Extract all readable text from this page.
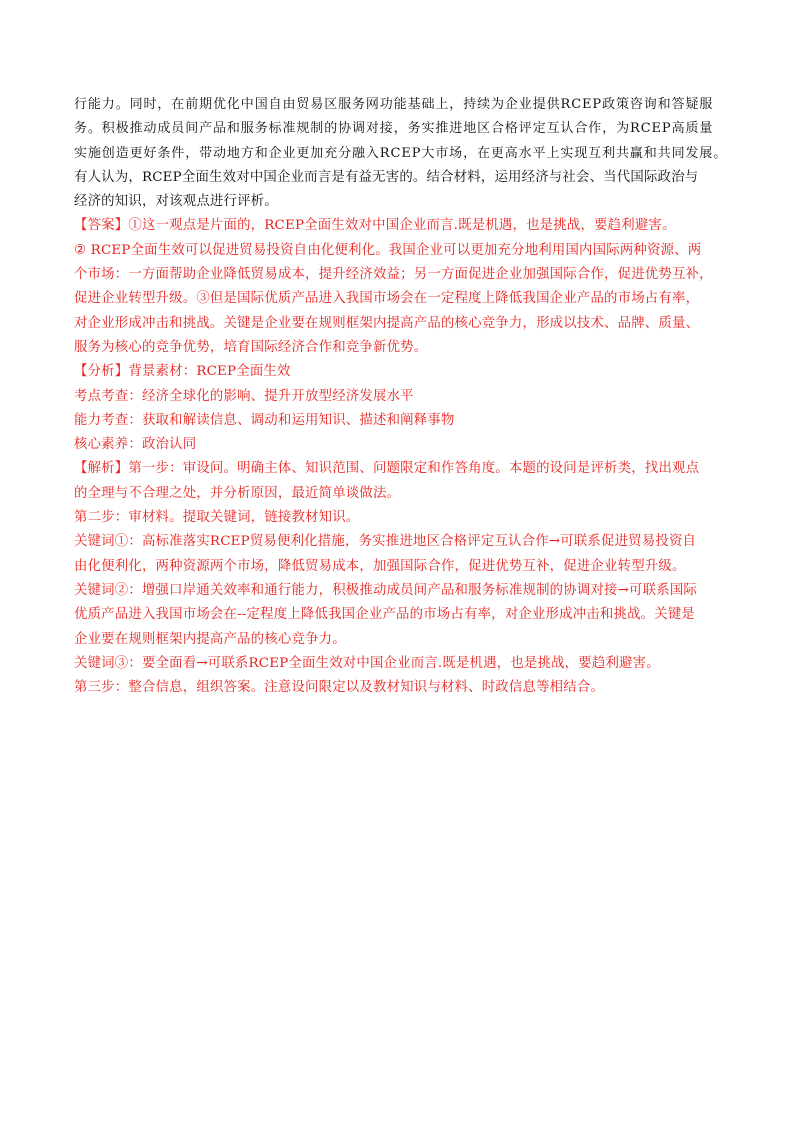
行能力。同时，在前期优化中国自由贸易区服务网功能基础上，持续为企业提供RCEP政策咨询和答疑服
务。积极推动成员间产品和服务标准规制的协调对接，务实推进地区合格评定互认合作，为RCEP高质量
实施创造更好条件，带动地方和企业更加充分融入RCEP大市场，在更高水平上实现互利共赢和共同发展。
有人认为，RCEP全面生效对中国企业而言是有益无害的。结合材料，运用经济与社会、当代国际政治与
经济的知识，对该观点进行评析。
【答案】①这一观点是片面的，RCEP全面生效对中国企业而言.既是机遇，也是挑战，要趋利避害。
② RCEP全面生效可以促进贸易投资自由化便利化。我国企业可以更加充分地利用国内国际两种资源、两
个市场：一方面帮助企业降低贸易成本，提升经济效益；另一方面促进企业加强国际合作，促进优势互补，
促进企业转型升级。③但是国际优质产品进入我国市场会在一定程度上降低我国企业产品的市场占有率，
对企业形成冲击和挑战。关键是企业要在规则框架内提高产品的核心竞争力，形成以技术、品牌、质量、
服务为核心的竞争优势，培育国际经济合作和竞争新优势。
【分析】背景素材：RCEP全面生效
考点考查：经济全球化的影响、提升开放型经济发展水平
能力考查：获取和解读信息、调动和运用知识、描述和阐释事物
核心素养：政治认同
【解析】第一步：审设问。明确主体、知识范围、问题限定和作答角度。本题的设问是评析类，找出观点
的全理与不合理之处，并分析原因，最近简单谈做法。
第二步：审材料。提取关键词，链接教材知识。
关键词①：高标准落实RCEP贸易便利化措施，务实推进地区合格评定互认合作→可联系促进贸易投资自
由化便利化，两种资源两个市场，降低贸易成本，加强国际合作，促进优势互补，促进企业转型升级。
关键词②：增强口岸通关效率和通行能力，积极推动成员间产品和服务标准规制的协调对接→可联系国际
优质产品进入我国市场会在--定程度上降低我国企业产品的市场占有率，对企业形成冲击和挑战。关键是
企业要在规则框架内提高产品的核心竞争力。
关键词③：要全面看→可联系RCEP全面生效对中国企业而言.既是机遇，也是挑战，要趋利避害。
第三步：整合信息，组织答案。注意设问限定以及教材知识与材料、时政信息等相结合。
